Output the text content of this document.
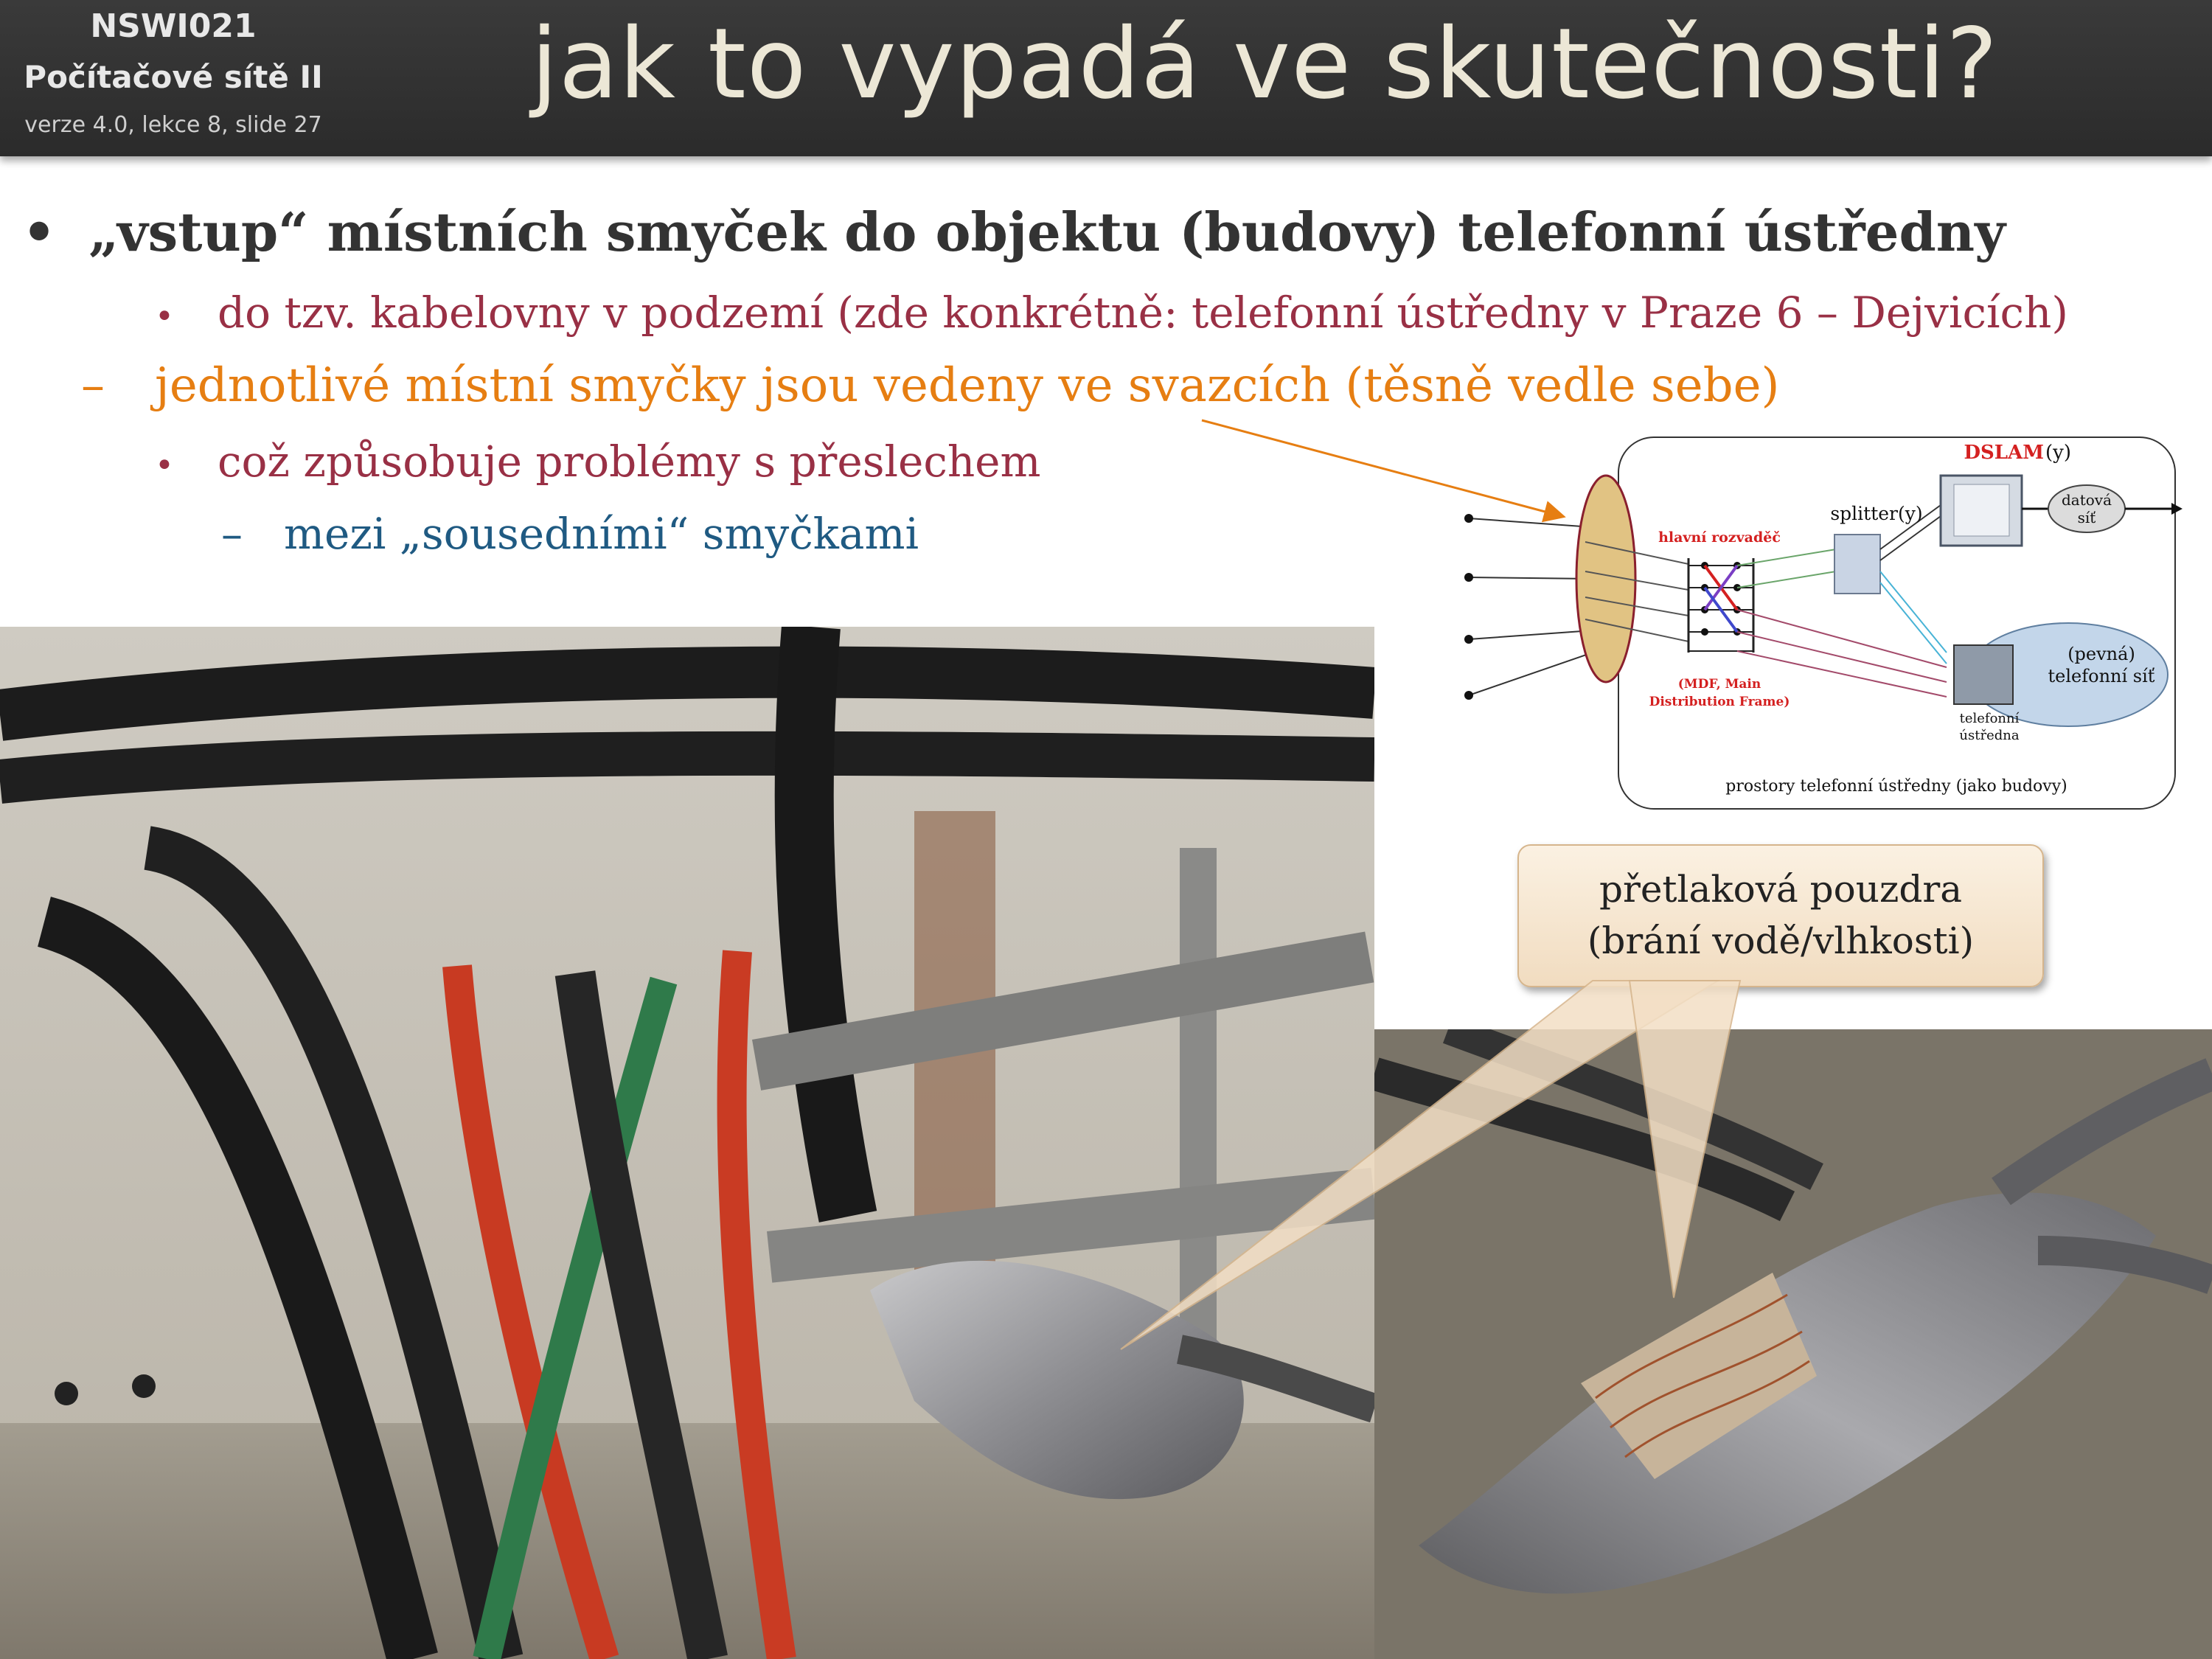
NSWI021
Počítačové sítě II
verze 4.0, lekce 8, slide 27
jak to vypadá ve skutečnosti?
• „vstup“ místních smyček do objektu (budovy) telefonní ústředny
• do tzv. kabelovny v podzemí (zde konkrétně: telefonní ústředny v Praze 6 – Dejvicích)
– jednotlivé místní smyčky jsou vedeny ve svazcích (těsně vedle sebe)
• což způsobuje problémy s přeslechem
– mezi „sousedními“ smyčkami
DSLAM (y)
splitter(y)
hlavní rozvaděč
(MDF, Main
Distribution Frame)
datová
síť
(pevná)
telefonní síť
telefonní
ústředna
prostory telefonní ústředny (jako budovy)
přetlaková pouzdra
(brání vodě/vlhkosti)
